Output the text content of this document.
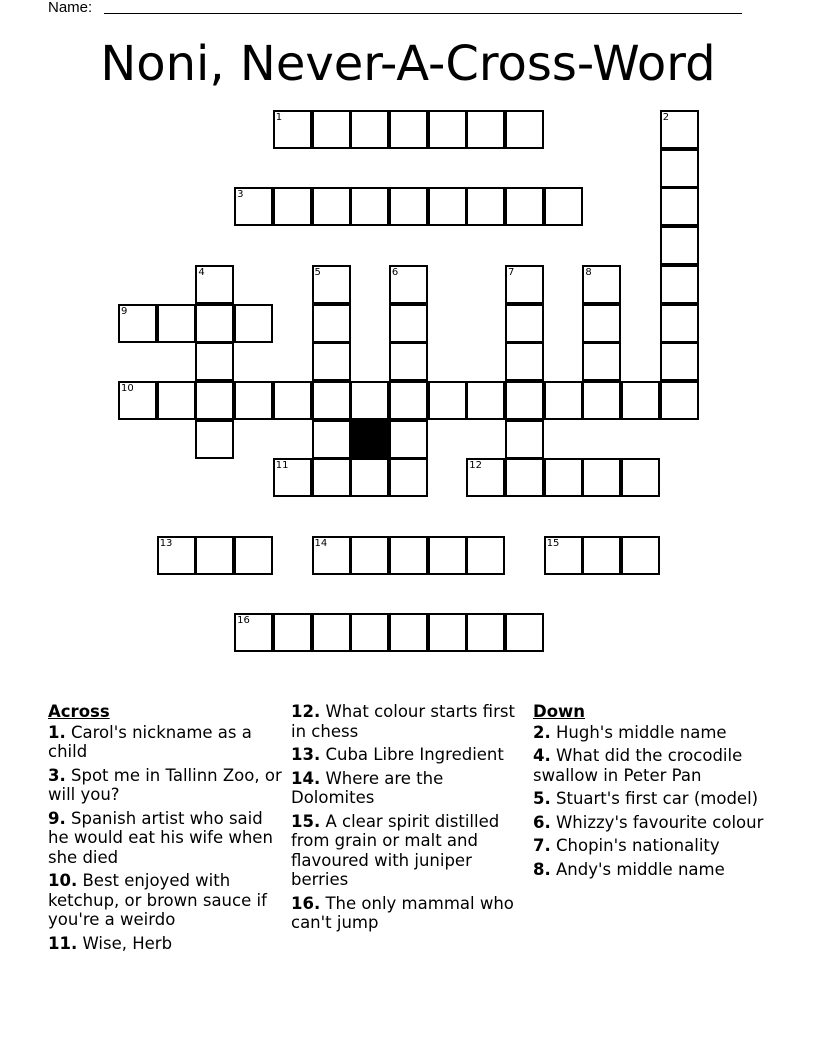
Name:
Noni, Never-A-Cross-Word
1	2
3
4	5	6	7	8
9
10
11	12
13	14	15
16
Across
1. Carol's nickname as a child
3. Spot me in Tallinn Zoo, or will you?
9. Spanish artist who said he would eat his wife when she died
10. Best enjoyed with ketchup, or brown sauce if you're a weirdo
11. Wise, Herb
12. What colour starts first in chess
13. Cuba Libre Ingredient
14. Where are the Dolomites
15. A clear spirit distilled from grain or malt and flavoured with juniper berries
16. The only mammal who can't jump
Down
2. Hugh's middle name
4. What did the crocodile swallow in Peter Pan
5. Stuart's first car (model)
6. Whizzy's favourite colour
7. Chopin's nationality
8. Andy's middle name
